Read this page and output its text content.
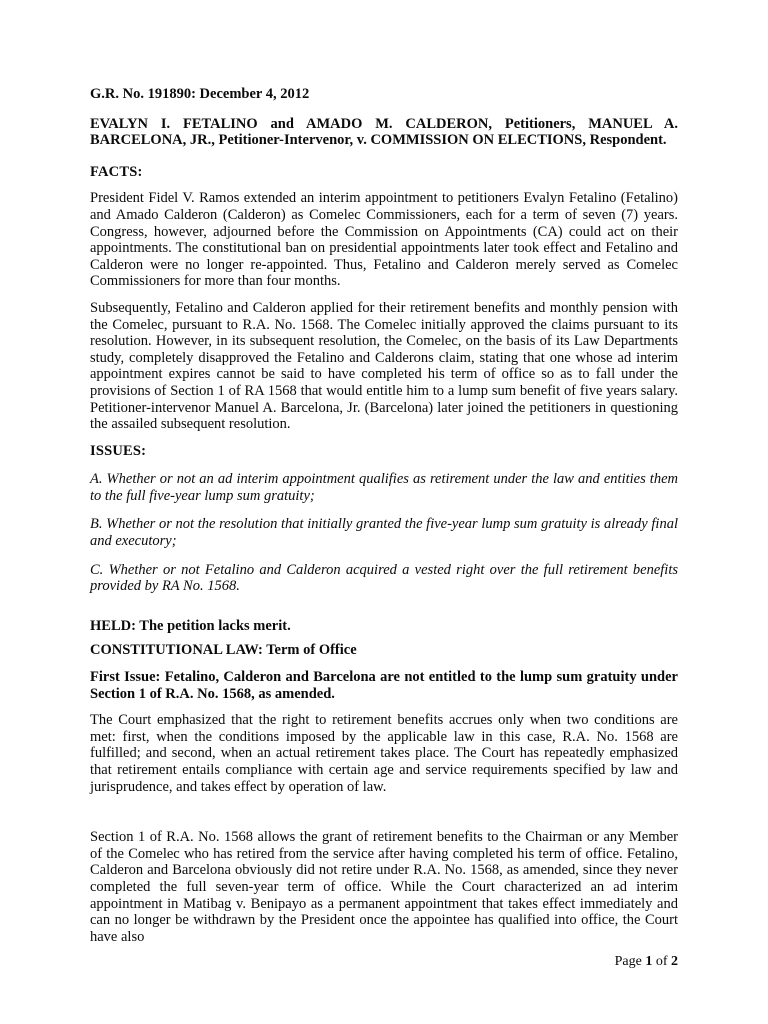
G.R. No. 191890: December 4, 2012

EVALYN I. FETALINO and AMADO M. CALDERON, Petitioners, MANUEL A. BARCELONA, JR., Petitioner-Intervenor, v. COMMISSION ON ELECTIONS, Respondent.

FACTS:

President Fidel V. Ramos extended an interim appointment to petitioners Evalyn Fetalino (Fetalino) and Amado Calderon (Calderon) as Comelec Commissioners, each for a term of seven (7) years. Congress, however, adjourned before the Commission on Appointments (CA) could act on their appointments. The constitutional ban on presidential appointments later took effect and Fetalino and Calderon were no longer re-appointed. Thus, Fetalino and Calderon merely served as Comelec Commissioners for more than four months.

Subsequently, Fetalino and Calderon applied for their retirement benefits and monthly pension with the Comelec, pursuant to R.A. No. 1568. The Comelec initially approved the claims pursuant to its resolution. However, in its subsequent resolution, the Comelec, on the basis of its Law Departments study, completely disapproved the Fetalino and Calderons claim, stating that one whose ad interim appointment expires cannot be said to have completed his term of office so as to fall under the provisions of Section 1 of RA 1568 that would entitle him to a lump sum benefit of five years salary. Petitioner-intervenor Manuel A. Barcelona, Jr. (Barcelona) later joined the petitioners in questioning the assailed subsequent resolution.

ISSUES:

A. Whether or not an ad interim appointment qualifies as retirement under the law and entities them to the full five-year lump sum gratuity;

B. Whether or not the resolution that initially granted the five-year lump sum gratuity is already final and executory;

C. Whether or not Fetalino and Calderon acquired a vested right over the full retirement benefits provided by RA No. 1568.

HELD: The petition lacks merit.

CONSTITUTIONAL LAW: Term of Office

First Issue: Fetalino, Calderon and Barcelona are not entitled to the lump sum gratuity under Section 1 of R.A. No. 1568, as amended.

The Court emphasized that the right to retirement benefits accrues only when two conditions are met: first, when the conditions imposed by the applicable law in this case, R.A. No. 1568 are fulfilled; and second, when an actual retirement takes place. The Court has repeatedly emphasized that retirement entails compliance with certain age and service requirements specified by law and jurisprudence, and takes effect by operation of law.

Section 1 of R.A. No. 1568 allows the grant of retirement benefits to the Chairman or any Member of the Comelec who has retired from the service after having completed his term of office. Fetalino, Calderon and Barcelona obviously did not retire under R.A. No. 1568, as amended, since they never completed the full seven-year term of office. While the Court characterized an ad interim appointment in Matibag v. Benipayo as a permanent appointment that takes effect immediately and can no longer be withdrawn by the President once the appointee has qualified into office, the Court have also

Page 1 of 2
